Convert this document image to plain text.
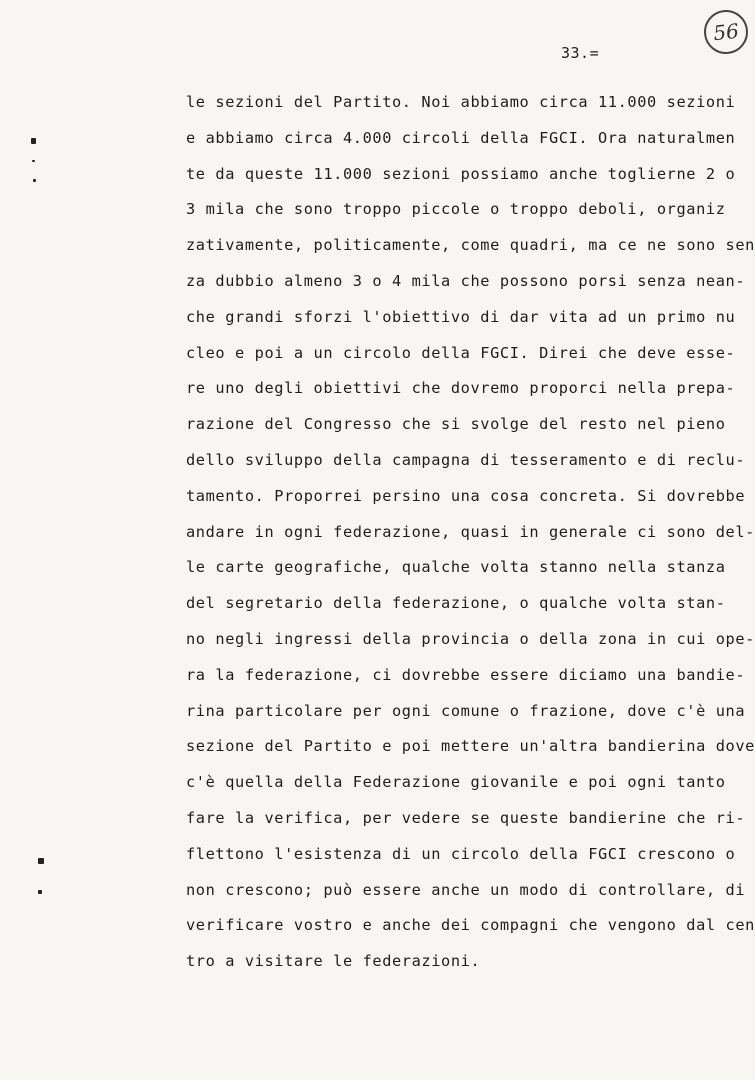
56
33.=
le sezioni del Partito. Noi abbiamo circa 11.000 sezioni
e abbiamo circa 4.000 circoli della FGCI. Ora naturalmen
te da queste 11.000 sezioni possiamo anche toglierne 2 o
3 mila che sono troppo piccole o troppo deboli, organiz
zativamente, politicamente, come quadri, ma ce ne sono sen
za dubbio almeno 3 o 4 mila che possono porsi senza nean-
che grandi sforzi l'obiettivo di dar vita ad un primo nu
cleo e poi a un circolo della FGCI. Direi che deve esse-
re uno degli obiettivi che dovremo proporci nella prepa-
razione del Congresso che si svolge del resto nel pieno
dello sviluppo della campagna di tesseramento e di reclu-
tamento. Proporrei persino una cosa concreta. Si dovrebbe
andare in ogni federazione, quasi in generale ci sono del-
le carte geografiche, qualche volta stanno nella stanza
del segretario della federazione, o qualche volta stan-
no negli ingressi della provincia o della zona in cui ope-
ra la federazione, ci dovrebbe essere diciamo una bandie-
rina particolare per ogni comune o frazione, dove c'è una
sezione del Partito e poi mettere un'altra bandierina dove
c'è quella della Federazione giovanile e poi ogni tanto
fare la verifica, per vedere se queste bandierine che ri-
flettono l'esistenza di un circolo della FGCI crescono o
non crescono; può essere anche un modo di controllare, di
verificare vostro e anche dei compagni che vengono dal cen
tro a visitare le federazioni.
